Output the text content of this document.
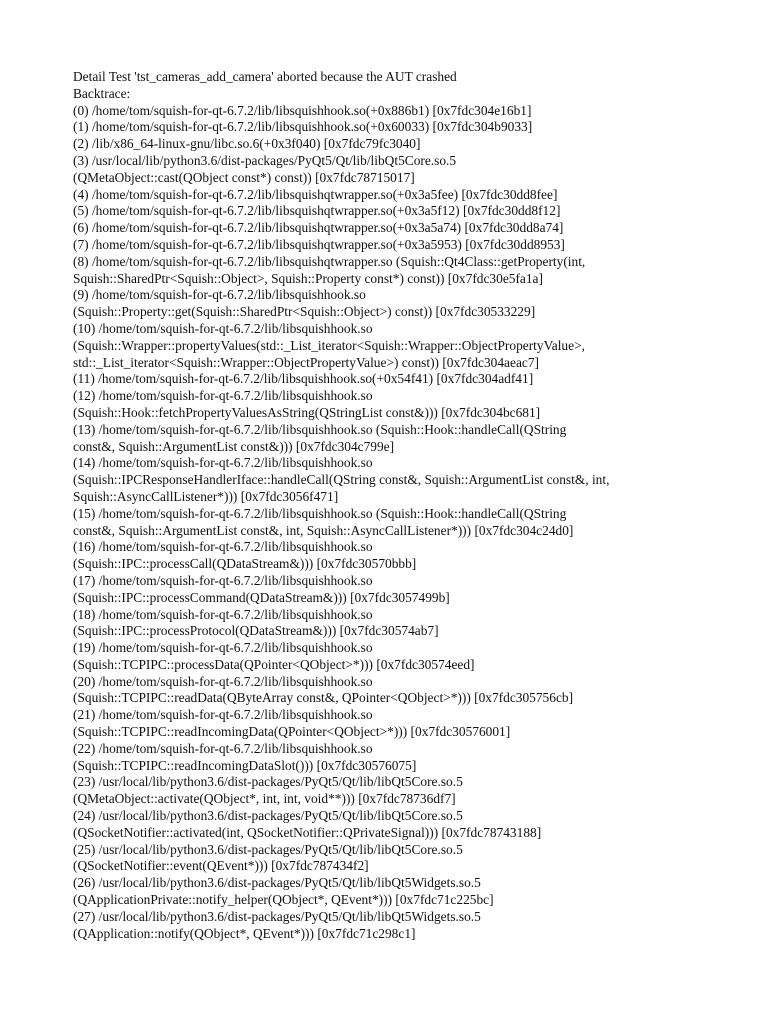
Detail Test 'tst_cameras_add_camera' aborted because the AUT crashed
Backtrace:
(0) /home/tom/squish-for-qt-6.7.2/lib/libsquishhook.so(+0x886b1) [0x7fdc304e16b1]
(1) /home/tom/squish-for-qt-6.7.2/lib/libsquishhook.so(+0x60033) [0x7fdc304b9033]
(2) /lib/x86_64-linux-gnu/libc.so.6(+0x3f040) [0x7fdc79fc3040]
(3) /usr/local/lib/python3.6/dist-packages/PyQt5/Qt/lib/libQt5Core.so.5
(QMetaObject::cast(QObject const*) const)) [0x7fdc78715017]
(4) /home/tom/squish-for-qt-6.7.2/lib/libsquishqtwrapper.so(+0x3a5fee) [0x7fdc30dd8fee]
(5) /home/tom/squish-for-qt-6.7.2/lib/libsquishqtwrapper.so(+0x3a5f12) [0x7fdc30dd8f12]
(6) /home/tom/squish-for-qt-6.7.2/lib/libsquishqtwrapper.so(+0x3a5a74) [0x7fdc30dd8a74]
(7) /home/tom/squish-for-qt-6.7.2/lib/libsquishqtwrapper.so(+0x3a5953) [0x7fdc30dd8953]
(8) /home/tom/squish-for-qt-6.7.2/lib/libsquishqtwrapper.so (Squish::Qt4Class::getProperty(int,
Squish::SharedPtr<Squish::Object>, Squish::Property const*) const)) [0x7fdc30e5fa1a]
(9) /home/tom/squish-for-qt-6.7.2/lib/libsquishhook.so
(Squish::Property::get(Squish::SharedPtr<Squish::Object>) const)) [0x7fdc30533229]
(10) /home/tom/squish-for-qt-6.7.2/lib/libsquishhook.so
(Squish::Wrapper::propertyValues(std::_List_iterator<Squish::Wrapper::ObjectPropertyValue>,
std::_List_iterator<Squish::Wrapper::ObjectPropertyValue>) const)) [0x7fdc304aeac7]
(11) /home/tom/squish-for-qt-6.7.2/lib/libsquishhook.so(+0x54f41) [0x7fdc304adf41]
(12) /home/tom/squish-for-qt-6.7.2/lib/libsquishhook.so
(Squish::Hook::fetchPropertyValuesAsString(QStringList const&))) [0x7fdc304bc681]
(13) /home/tom/squish-for-qt-6.7.2/lib/libsquishhook.so (Squish::Hook::handleCall(QString
const&, Squish::ArgumentList const&))) [0x7fdc304c799e]
(14) /home/tom/squish-for-qt-6.7.2/lib/libsquishhook.so
(Squish::IPCResponseHandlerIface::handleCall(QString const&, Squish::ArgumentList const&, int,
Squish::AsyncCallListener*))) [0x7fdc3056f471]
(15) /home/tom/squish-for-qt-6.7.2/lib/libsquishhook.so (Squish::Hook::handleCall(QString
const&, Squish::ArgumentList const&, int, Squish::AsyncCallListener*))) [0x7fdc304c24d0]
(16) /home/tom/squish-for-qt-6.7.2/lib/libsquishhook.so
(Squish::IPC::processCall(QDataStream&))) [0x7fdc30570bbb]
(17) /home/tom/squish-for-qt-6.7.2/lib/libsquishhook.so
(Squish::IPC::processCommand(QDataStream&))) [0x7fdc3057499b]
(18) /home/tom/squish-for-qt-6.7.2/lib/libsquishhook.so
(Squish::IPC::processProtocol(QDataStream&))) [0x7fdc30574ab7]
(19) /home/tom/squish-for-qt-6.7.2/lib/libsquishhook.so
(Squish::TCPIPC::processData(QPointer<QObject>*))) [0x7fdc30574eed]
(20) /home/tom/squish-for-qt-6.7.2/lib/libsquishhook.so
(Squish::TCPIPC::readData(QByteArray const&, QPointer<QObject>*))) [0x7fdc305756cb]
(21) /home/tom/squish-for-qt-6.7.2/lib/libsquishhook.so
(Squish::TCPIPC::readIncomingData(QPointer<QObject>*))) [0x7fdc30576001]
(22) /home/tom/squish-for-qt-6.7.2/lib/libsquishhook.so
(Squish::TCPIPC::readIncomingDataSlot())) [0x7fdc30576075]
(23) /usr/local/lib/python3.6/dist-packages/PyQt5/Qt/lib/libQt5Core.so.5
(QMetaObject::activate(QObject*, int, int, void**))) [0x7fdc78736df7]
(24) /usr/local/lib/python3.6/dist-packages/PyQt5/Qt/lib/libQt5Core.so.5
(QSocketNotifier::activated(int, QSocketNotifier::QPrivateSignal))) [0x7fdc78743188]
(25) /usr/local/lib/python3.6/dist-packages/PyQt5/Qt/lib/libQt5Core.so.5
(QSocketNotifier::event(QEvent*))) [0x7fdc787434f2]
(26) /usr/local/lib/python3.6/dist-packages/PyQt5/Qt/lib/libQt5Widgets.so.5
(QApplicationPrivate::notify_helper(QObject*, QEvent*))) [0x7fdc71c225bc]
(27) /usr/local/lib/python3.6/dist-packages/PyQt5/Qt/lib/libQt5Widgets.so.5
(QApplication::notify(QObject*, QEvent*))) [0x7fdc71c298c1]
